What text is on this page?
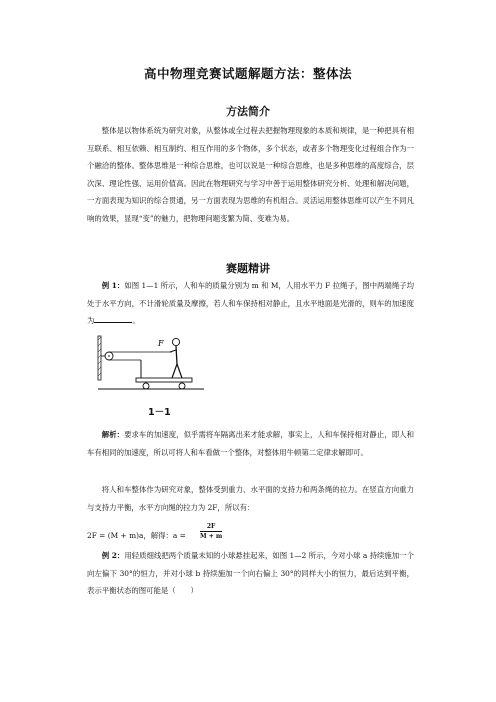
高中物理竞赛试题解题方法：整体法
方法简介
整体是以物体系统为研究对象，从整体或全过程去把握物理现象的本质和规律，是一种把具有相互联系、相互依赖、相互制约、相互作用的多个物体，多个状态，或者多个物理变化过程组合作为一个融洽的整体。整体思维是一种综合思维，也可以说是一种综合思维，也是多种思维的高度综合，层次深、理论性强、运用价值高。因此在物理研究与学习中善于运用整体研究分析、处理和解决问题，一方面表现为知识的综合贯通，另一方面表现为思维的有机组合。灵活运用整体思维可以产生不同凡响的效果，显现“变”的魅力，把物理问题变繁为简、变难为易。
赛题精讲
例 1：如图 1—1 所示，人和车的质量分别为 m 和 M，人用水平力 F 拉绳子，图中两端绳子均处于水平方向，不计滑轮质量及摩擦，若人和车保持相对静止，且水平地面是光滑的，则车的加速度为	。
F
1－1
解析：要求车的加速度，似乎需将车隔离出来才能求解，事实上，人和车保持相对静止，即人和车有相同的加速度，所以可将人和车看做一个整体，对整体用牛顿第二定律求解即可。
将人和车整体作为研究对象，整体受到重力、水平面的支持力和两条绳的拉力。在竖直方向重力与支持力平衡，水平方向绳的拉力为 2F，所以有：
2F = (M + m)a，解得：$a = \frac{2F}{M + m}$
例 2：用轻质细线把两个质量未知的小球悬挂起来，如图 1—2 所示，今对小球 a 持续施加一个向左偏下 30°的恒力，并对小球 b 持续施加一个向右偏上 30°的同样大小的恒力，最后达到平衡，表示平衡状态的图可能是（　　）
